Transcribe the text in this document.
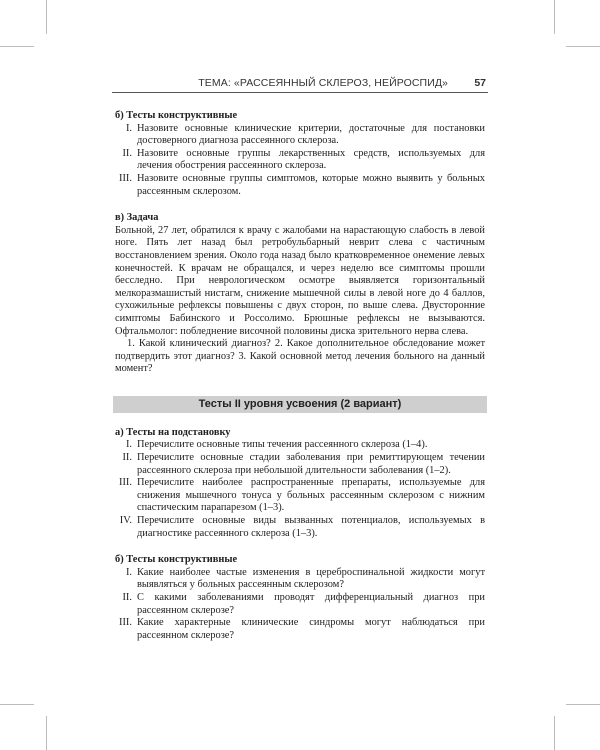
ТЕМА: «РАССЕЯННЫЙ СКЛЕРОЗ, НЕЙРОСПИД»	57

б) Тесты конструктивные

I. Назовите основные клинические критерии, достаточные для постановки достоверного диагноза рассеянного склероза.
II. Назовите основные группы лекарственных средств, используемых для лечения обострения рассеянного склероза.
III. Назовите основные группы симптомов, которые можно выявить у больных рассеянным склерозом.

в) Задача

Больной, 27 лет, обратился к врачу с жалобами на нарастающую слабость в левой ноге. Пять лет назад был ретробульбарный неврит слева с частичным восстановлением зрения. Около года назад было кратковременное онемение левых конечностей. К врачам не обращался, и через неделю все симптомы прошли бесследно. При неврологическом осмотре выявляется горизонтальный мелкоразмашистый нистагм, снижение мышечной силы в левой ноге до 4 баллов, сухожильные рефлексы повышены с двух сторон, по выше слева. Двусторонние симптомы Бабинского и Россолимо. Брюшные рефлексы не вызываются. Офтальмолог: побледнение височной половины диска зрительного нерва слева.

1. Какой клинический диагноз? 2. Какое дополнительное обследование может подтвердить этот диагноз? 3. Какой основной метод лечения больного на данный момент?

Тесты II уровня усвоения (2 вариант)

а) Тесты на подстановку

I. Перечислите основные типы течения рассеянного склероза (1–4).
II. Перечислите основные стадии заболевания при ремиттирующем течении рассеянного склероза при небольшой длительности заболевания (1–2).
III. Перечислите наиболее распространенные препараты, используемые для снижения мышечного тонуса у больных рассеянным склерозом с нижним спастическим парапарезом (1–3).
IV. Перечислите основные виды вызванных потенциалов, используемых в диагностике рассеянного склероза (1–3).

б) Тесты конструктивные

I. Какие наиболее частые изменения в цереброспинальной жидкости могут выявляться у больных рассеянным склерозом?
II. С какими заболеваниями проводят дифференциальный диагноз при рассеянном склерозе?
III. Какие характерные клинические синдромы могут наблюдаться при рассеянном склерозе?
